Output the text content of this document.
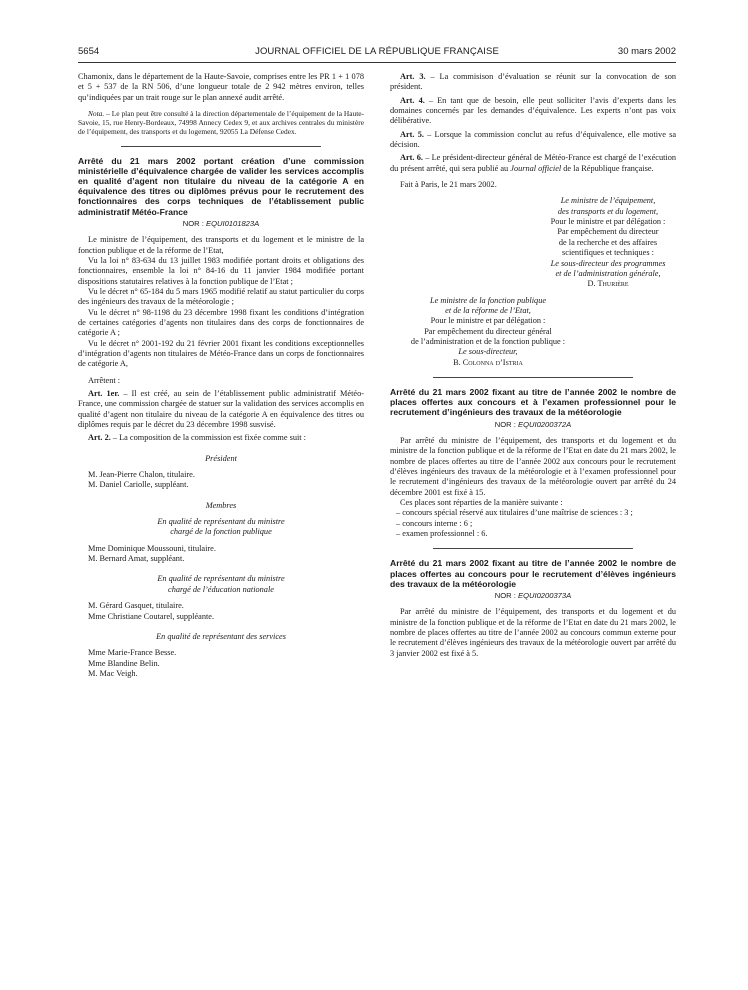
5654	JOURNAL OFFICIEL DE LA RÉPUBLIQUE FRANÇAISE	30 mars 2002

Chamonix, dans le département de la Haute-Savoie, comprises entre les PR 1 + 1 078 et 5 + 537 de la RN 506, d’une longueur totale de 2 942 mètres environ, telles qu’indiquées par un trait rouge sur le plan annexé audit arrêté.

Nota. – Le plan peut être consulté à la direction départementale de l’équipement de la Haute-Savoie, 15, rue Henry-Bordeaux, 74998 Annecy Cedex 9, et aux archives centrales du ministère de l’équipement, des transports et du logement, 92055 La Défense Cedex.

Arrêté du 21 mars 2002 portant création d’une commission ministérielle d’équivalence chargée de valider les services accomplis en qualité d’agent non titulaire du niveau de la catégorie A en équivalence des titres ou diplômes prévus pour le recrutement des fonctionnaires des corps techniques de l’établissement public administratif Météo-France

NOR : EQUI0101823A

Le ministre de l’équipement, des transports et du logement et le ministre de la fonction publique et de la réforme de l’Etat,

Vu la loi n° 83-634 du 13 juillet 1983 modifiée portant droits et obligations des fonctionnaires, ensemble la loi n° 84-16 du 11 janvier 1984 modifiée portant dispositions statutaires relatives à la fonction publique de l’Etat ;

Vu le décret n° 65-184 du 5 mars 1965 modifié relatif au statut particulier du corps des ingénieurs des travaux de la météorologie ;

Vu le décret n° 98-1198 du 23 décembre 1998 fixant les conditions d’intégration de certaines catégories d’agents non titulaires dans des corps de fonctionnaires de catégorie A ;

Vu le décret n° 2001-192 du 21 février 2001 fixant les conditions exceptionnelles d’intégration d’agents non titulaires de Météo-France dans un corps de fonctionnaires de catégorie A,

Arrêtent :

Art. 1er. – Il est créé, au sein de l’établissement public administratif Météo-France, une commission chargée de statuer sur la validation des services accomplis en qualité d’agent non titulaire du niveau de la catégorie A en équivalence des titres ou diplômes requis par le décret du 23 décembre 1998 susvisé.

Art. 2. – La composition de la commission est fixée comme suit :

Président

M. Jean-Pierre Chalon, titulaire.

M. Daniel Cariolle, suppléant.

Membres

En qualité de représentant du ministre

chargé de la fonction publique

Mme Dominique Moussouni, titulaire.

M. Bernard Amat, suppléant.

En qualité de représentant du ministre

chargé de l’éducation nationale

M. Gérard Gasquet, titulaire.

Mme Christiane Coutarel, suppléante.

En qualité de représentant des services

Mme Marie-France Besse.

Mme Blandine Belin.

M. Mac Veigh.

Art. 3. – La commisison d’évaluation se réunit sur la convocation de son président.

Art. 4. – En tant que de besoin, elle peut solliciter l’avis d’experts dans les domaines concernés par les demandes d’équivalence. Les experts n’ont pas voix délibérative.

Art. 5. – Lorsque la commission conclut au refus d’équivalence, elle motive sa décision.

Art. 6. – Le président-directeur général de Météo-France est chargé de l’exécution du présent arrêté, qui sera publié au Journal officiel de la République française.

Fait à Paris, le 21 mars 2002.

Le ministre de l’équipement,

des transports et du logement,

Pour le ministre et par délégation :

Par empêchement du directeur

de la recherche et des affaires

scientifiques et techniques :

Le sous-directeur des programmes

et de l’administration générale,

D. Thurière

Le ministre de la fonction publique

et de la réforme de l’Etat,

Pour le ministre et par délégation :

Par empêchement du directeur général

de l’administration et de la fonction publique :

Le sous-directeur,

B. Colonna d’Istria

Arrêté du 21 mars 2002 fixant au titre de l’année 2002 le nombre de places offertes aux concours et à l’examen professionnel pour le recrutement d’ingénieurs des travaux de la météorologie

NOR : EQUI0200372A

Par arrêté du ministre de l’équipement, des transports et du logement et du ministre de la fonction publique et de la réforme de l’Etat en date du 21 mars 2002, le nombre de places offertes au titre de l’année 2002 aux concours pour le recrutement d’élèves ingénieurs des travaux de la météorologie et à l’examen professionnel pour le recrutement d’ingénieurs des travaux de la météorologie ouvert par arrêté du 24 décembre 2001 est fixé à 15.

Ces places sont réparties de la manière suivante :

– concours spécial réservé aux titulaires d’une maîtrise de sciences : 3 ;

– concours interne : 6 ;

– examen professionnel : 6.

Arrêté du 21 mars 2002 fixant au titre de l’année 2002 le nombre de places offertes au concours pour le recrutement d’élèves ingénieurs des travaux de la météorologie

NOR : EQUI0200373A

Par arrêté du ministre de l’équipement, des transports et du logement et du ministre de la fonction publique et de la réforme de l’Etat en date du 21 mars 2002, le nombre de places offertes au titre de l’année 2002 au concours commun externe pour le recrutement d’élèves ingénieurs des travaux de la météorologie ouvert par arrêté du 3 janvier 2002 est fixé à 5.
